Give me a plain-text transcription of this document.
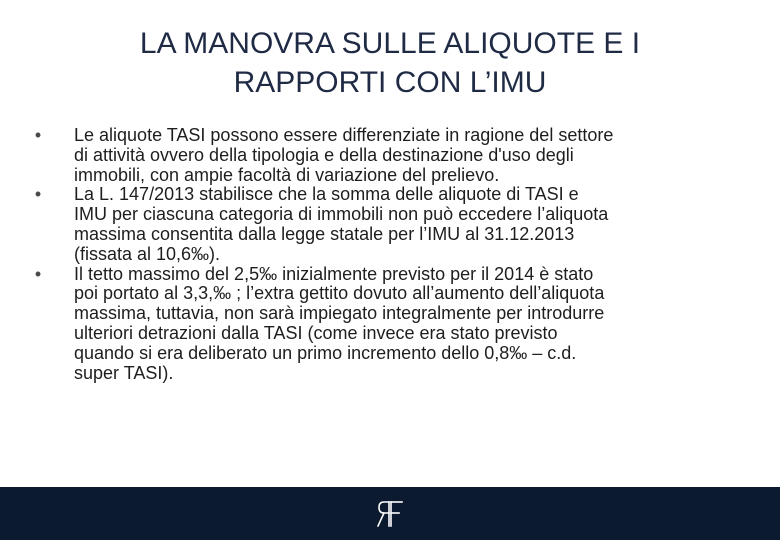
LA MANOVRA SULLE ALIQUOTE E I
RAPPORTI CON L’IMU
•	Le aliquote TASI possono essere differenziate in ragione del settore
di attività ovvero della tipologia e della destinazione d'uso degli
immobili, con ampie facoltà di variazione del prelievo.
•	La L. 147/2013 stabilisce che la somma delle aliquote di TASI e
IMU per ciascuna categoria di immobili non può eccedere l’aliquota
massima consentita dalla legge statale per l’IMU al 31.12.2013
(fissata al 10,6‰).
•	Il tetto massimo del 2,5‰ inizialmente previsto per il 2014 è stato
poi portato al 3,3,‰ ; l’extra gettito dovuto all’aumento dell’aliquota
massima, tuttavia, non sarà impiegato integralmente per introdurre
ulteriori detrazioni dalla TASI (come invece era stato previsto
quando si era deliberato un primo incremento dello 0,8‰ – c.d.
super TASI).
